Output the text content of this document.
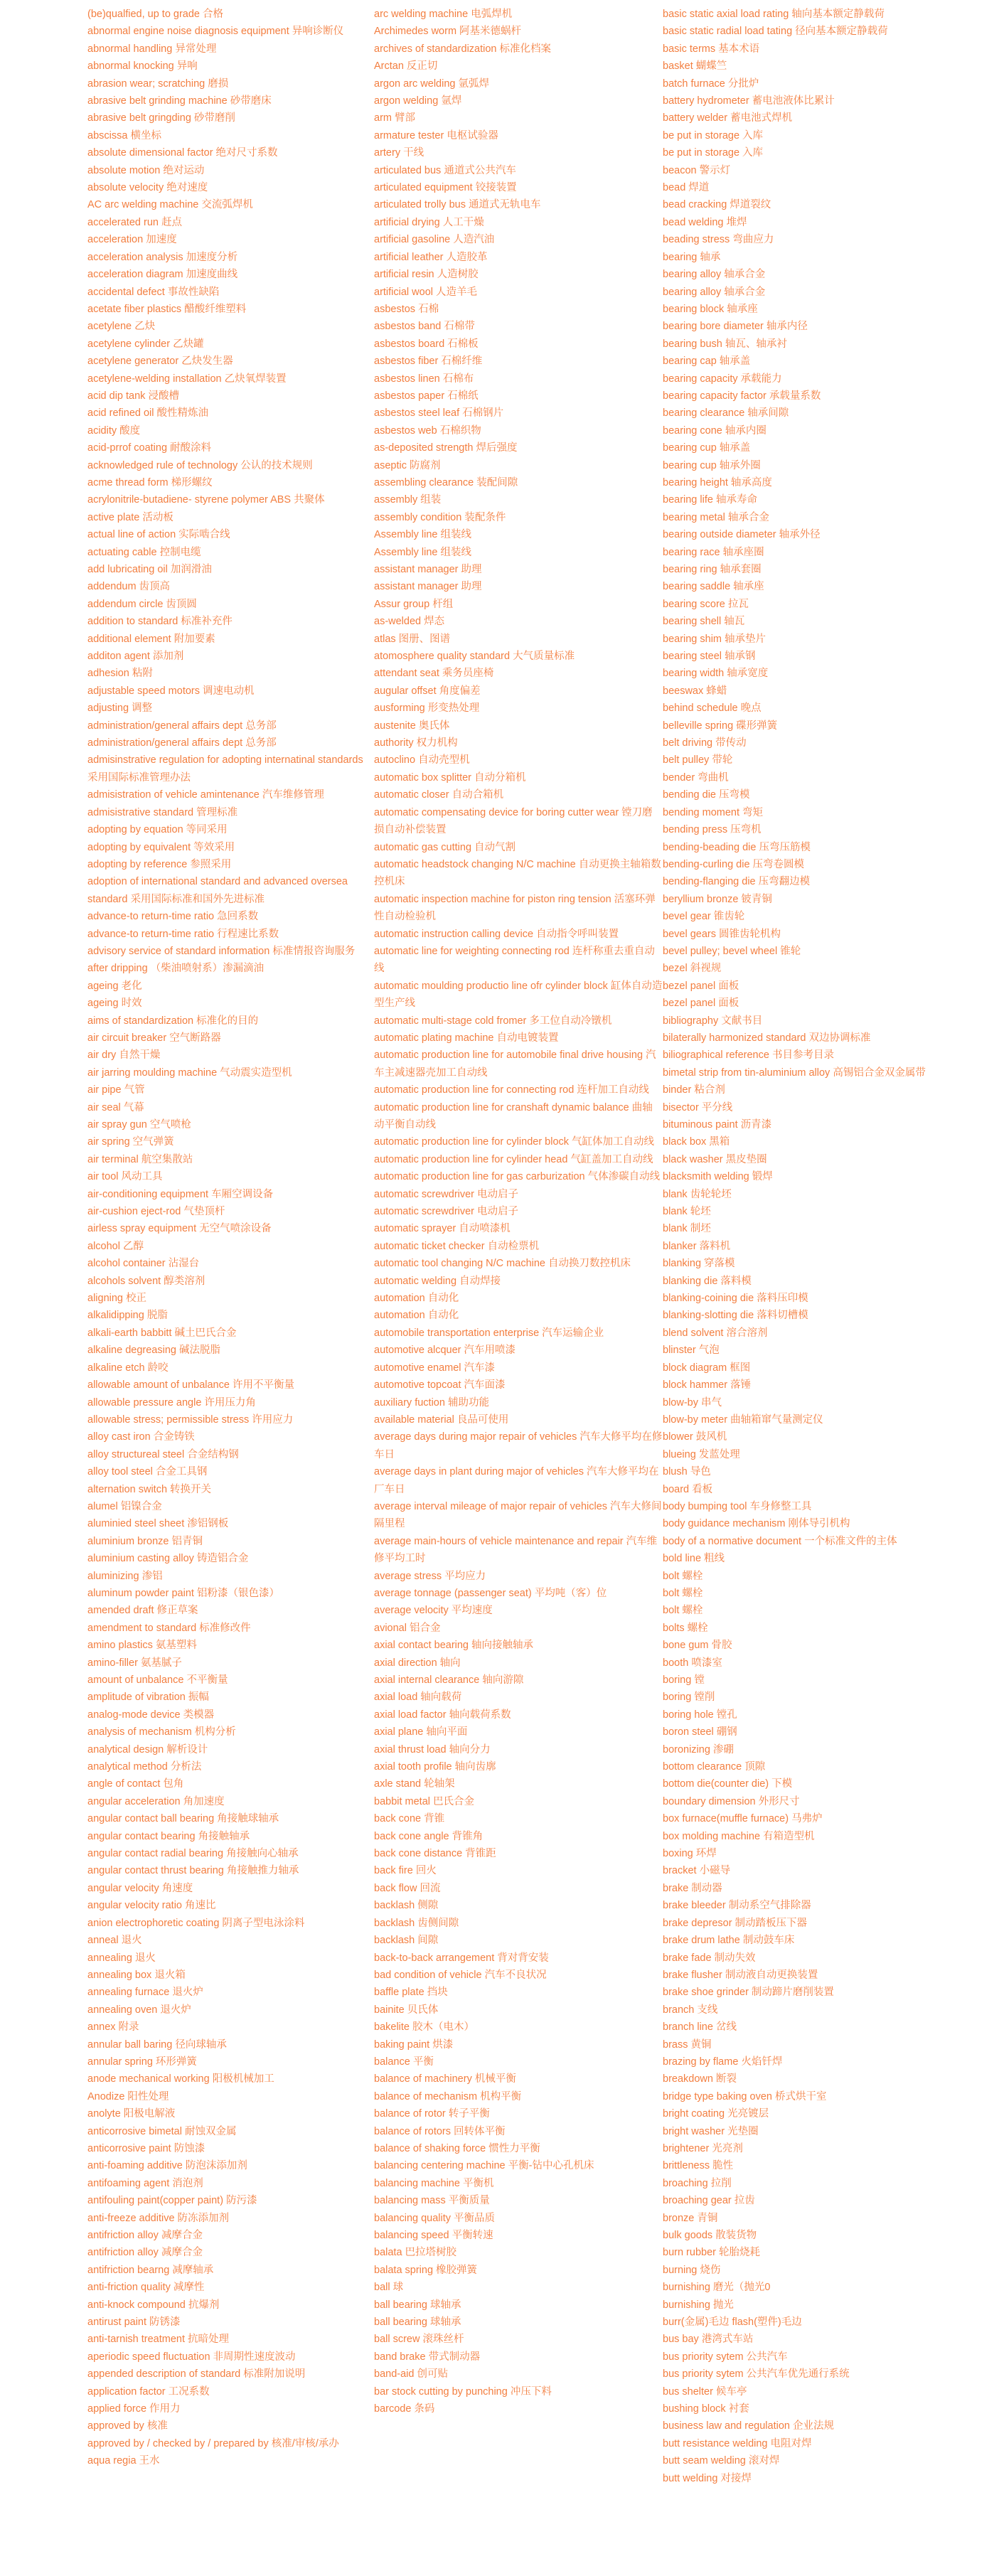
(be)qualfied, up to grade 合格
abnormal engine noise diagnosis equipment 异响诊断仪
abnormal handling 异常处理
abnormal knocking 异响
abrasion wear; scratching 磨损
abrasive belt grinding machine 砂带磨床
abrasive belt gringding 砂带磨削
abscissa 横坐标
absolute dimensional factor 绝对尺寸系数
absolute motion 绝对运动
absolute velocity 绝对速度
AC arc welding machine 交流弧焊机
accelerated run 赶点
acceleration 加速度
acceleration analysis 加速度分析
acceleration diagram 加速度曲线
accidental defect 事故性缺陷
acetate fiber plastics 醋酸纤维塑料
acetylene 乙炔
acetylene cylinder 乙炔罐
acetylene generator 乙炔发生器
acetylene-welding installation 乙炔氧焊装置
acid dip tank 浸酸槽
acid refined oil 酸性精炼油
acidity 酸度
acid-prrof coating 耐酸涂料
acknowledged rule of technology 公认的技术规则
acme thread form 梯形螺纹
acrylonitrile-butadiene- styrene polymer ABS 共聚体
active plate 活动板
actual line of action 实际啮合线
actuating cable 控制电缆
add lubricating oil 加润滑油
addendum 齿顶高
addendum circle 齿顶圆
addition to standard 标准补充件
additional element 附加要素
additon agent 添加剂
adhesion 粘附
adjustable speed motors 调速电动机
adjusting 调整
administration/general affairs dept 总务部
administration/general affairs dept 总务部
admisinstrative regulation for adopting internatinal standards 采用国际标准管理办法
admisistration of vehicle amintenance 汽车维修管理
admisistrative standard 管理标准
adopting by equation 等同采用
adopting by equivalent 等效采用
adopting by reference 参照采用
adoption of international standard and advanced oversea standard 采用国际标准和国外先进标准
advance-to return-time ratio 急回系数
advance-to return-time ratio 行程速比系数
advisory service of standard information 标准情报咨询服务
after dripping （柴油喷射系）渗漏滴油
ageing 老化
ageing 时效
aims of standardization 标准化的目的
air circuit breaker 空气断路器
air dry 自然干燥
air jarring moulding machine 气动震实造型机
air pipe 气管
air seal 气幕
air spray gun 空气喷枪
air spring 空气弹簧
air terminal 航空集散站
air tool 风动工具
air-conditioning equipment 车厢空调设备
air-cushion eject-rod 气垫顶杆
airless spray equipment 无空气喷涂设备
alcohol 乙醇
alcohol container 沾湿台
alcohols solvent 醇类溶剂
aligning 校正
alkalidipping 脱脂
alkali-earth babbitt 碱土巴氏合金
alkaline degreasing 碱法脱脂
alkaline etch 龄咬
allowable amount of unbalance 许用不平衡量
allowable pressure angle 许用压力角
allowable stress; permissible stress 许用应力
alloy cast iron 合金铸铁
alloy structureal steel 合金结构钢
alloy tool steel 合金工具钢
alternation switch 转换开关
alumel 铝镍合金
aluminied steel sheet 渗铝钢板
aluminium bronze 铝青铜
aluminium casting alloy 铸造铝合金
aluminizing 渗铝
aluminum powder paint 铝粉漆（银色漆）
amended draft 修正草案
amendment to standard 标准修改件
amino plastics 氨基塑料
amino-filler 氨基腻子
amount of unbalance 不平衡量
amplitude of vibration 振幅
analog-mode device 类模器
analysis of mechanism 机构分析
analytical design 解析设计
analytical method 分析法
angle of contact 包角
angular acceleration 角加速度
angular contact ball bearing 角接触球轴承
angular contact bearing 角接触轴承
angular contact radial bearing 角接触向心轴承
angular contact thrust bearing 角接触推力轴承
angular velocity 角速度
angular velocity ratio 角速比
anion electrophoretic coating 阴离子型电泳涂料
anneal 退火
annealing 退火
annealing box 退火箱
annealing furnace 退火炉
annealing oven 退火炉
annex 附录
annular ball baring 径向球轴承
annular spring 环形弹簧
anode mechanical working 阳极机械加工
Anodize 阳性处理
anolyte 阳极电解液
anticorrosive bimetal 耐蚀双金属
anticorrosive paint 防蚀漆
anti-foaming additive 防泡沫添加剂
antifoaming agent 消泡剂
antifouling paint(copper paint) 防污漆
anti-freeze additive 防冻添加剂
antifriction alloy 减摩合金
antifriction alloy 减摩合金
antifriction bearng 减摩轴承
anti-friction quality 减摩性
anti-knock compound 抗爆剂
antirust paint 防锈漆
anti-tarnish treatment 抗暗处理
aperiodic speed fluctuation 非周期性速度波动
appended description of standard 标准附加说明
application factor 工况系数
applied force 作用力
approved by 核准
approved by / checked by / prepared by 核准/审核/承办
aqua regia 王水
arc welding machine 电弧焊机
Archimedes worm 阿基米德蜗杆
archives of standardization 标准化档案
Arctan 反正切
argon arc welding 氩弧焊
argon welding 氩焊
arm 臂部
armature tester 电枢试验器
artery 干线
articulated bus 通道式公共汽车
articulated equipment 铰接装置
articulated trolly bus 通道式无轨电车
artificial drying 人工干燥
artificial gasoline 人造汽油
artificial leather 人造胶革
artificial resin 人造树胶
artificial wool 人造羊毛
asbestos 石棉
asbestos band 石棉带
asbestos board 石棉板
asbestos fiber 石棉纤维
asbestos linen 石棉布
asbestos paper 石棉纸
asbestos steel leaf 石棉钢片
asbestos web 石棉织物
as-deposited strength 焊后强度
aseptic 防腐剂
assembling clearance 装配间隙
assembly 组装
assembly condition 装配条件
Assembly line 组装线
Assembly line 组装线
assistant manager 助理
assistant manager 助理
Assur group 杆组
as-welded 焊态
atlas 图册、图谱
atomosphere quality standard 大气质量标准
attendant seat 乘务员座椅
augular offset 角度偏差
ausforming 形变热处理
austenite 奥氏体
authority 权力机构
autoclino 自动壳型机
automatic box splitter 自动分箱机
automatic closer 自动合箱机
automatic compensating device for boring cutter wear 镗刀磨损自动补偿装置
automatic gas cutting 自动气割
automatic headstock changing N/C machine 自动更换主轴箱数控机床
automatic inspection machine for piston ring tension 活塞环弹性自动检验机
automatic instruction calling device 自动指令呼叫装置
automatic line for weighting connecting rod 连杆称重去重自动线
automatic moulding productio line ofr cylinder block 缸体自动造型生产线
automatic multi-stage cold fromer 多工位自动冷镦机
automatic plating machine 自动电镀装置
automatic production line for automobile final drive housing 汽车主减速器壳加工自动线
automatic production line for connecting rod 连杆加工自动线
automatic production line for cranshaft dynamic balance 曲轴动平衡自动线
automatic production line for cylinder block 气缸体加工自动线
automatic production line for cylinder head 气缸盖加工自动线
automatic production line for gas carburization 气体渗碳自动线
automatic screwdriver 电动启子
automatic screwdriver 电动启子
automatic sprayer 自动喷漆机
automatic ticket checker 自动检票机
automatic tool changing N/C machine 自动换刀数控机床
automatic welding 自动焊接
automation 自动化
automation 自动化
automobile transportation enterprise 汽车运输企业
automotive alcquer 汽车用喷漆
automotive enamel 汽车漆
automotive topcoat 汽车面漆
auxiliary fuction 辅助功能
available material 良品可使用
average days during major repair of vehicles 汽车大修平均在修车日
average days in plant during major of vehicles 汽车大修平均在厂车日
average interval mileage of major repair of vehicles 汽车大修间隔里程
average main-hours of vehicle maintenance and repair 汽车维修平均工时
average stress 平均应力
average tonnage (passenger seat) 平均吨（客）位
average velocity 平均速度
avional 铝合金
axial contact bearing 轴向接触轴承
axial direction 轴向
axial internal clearance 轴向游隙
axial load 轴向载荷
axial load factor 轴向载荷系数
axial plane 轴向平面
axial thrust load 轴向分力
axial tooth profile 轴向齿廓
axle stand 轮轴架
babbit metal 巴氏合金
back cone 背锥
back cone angle 背锥角
back cone distance 背锥距
back fire 回火
back flow 回流
backlash 侧隙
backlash 齿侧间隙
backlash 间隙
back-to-back arrangement 背对背安装
bad condition of vehicle 汽车不良状况
baffle plate 挡块
bainite 贝氏体
bakelite 胶木（电木）
baking paint 烘漆
balance 平衡
balance of machinery 机械平衡
balance of mechanism 机构平衡
balance of rotor 转子平衡
balance of rotors 回转体平衡
balance of shaking force 惯性力平衡
balancing centering machine 平衡-钻中心孔机床
balancing machine 平衡机
balancing mass 平衡质量
balancing quality 平衡品质
balancing speed 平衡转速
balata 巴拉塔树胶
balata spring 橡胶弹簧
ball 球
ball bearing 球轴承
ball bearing 球轴承
ball screw 滚珠丝杆
band brake 带式制动器
band-aid 创可贴
bar stock cutting by punching 冲压下料
barcode 条码
basic static axial load rating 轴向基本额定静载荷
basic static radial load tating 径向基本额定静载荷
basic terms 基本术语
basket 蝴蝶竺
batch furnace 分批炉
battery hydrometer 蓄电池液体比累计
battery welder 蓄电池式焊机
be put in storage 入库
be put in storage 入库
beacon 警示灯
bead 焊道
bead cracking 焊道裂纹
bead welding 堆焊
beading stress 弯曲应力
bearing 轴承
bearing alloy 轴承合金
bearing alloy 轴承合金
bearing block 轴承座
bearing bore diameter 轴承内径
bearing bush 轴瓦、轴承衬
bearing cap 轴承盖
bearing capacity 承载能力
bearing capacity factor 承载量系数
bearing clearance 轴承间隙
bearing cone 轴承内圈
bearing cup 轴承盖
bearing cup 轴承外圈
bearing height 轴承高度
bearing life 轴承寿命
bearing metal 轴承合金
bearing outside diameter 轴承外径
bearing race 轴承座圈
bearing ring 轴承套圈
bearing saddle 轴承座
bearing score 拉瓦
bearing shell 轴瓦
bearing shim 轴承垫片
bearing steel 轴承钢
bearing width 轴承宽度
beeswax 蜂蜡
behind schedule 晚点
belleville spring 碟形弹簧
belt driving 带传动
belt pulley 带轮
bender 弯曲机
bending die 压弯模
bending moment 弯矩
bending press 压弯机
bending-beading die 压弯压筋模
bending-curling die 压弯卷圆模
bending-flanging die 压弯翻边模
beryllium bronze 铍青铜
bevel gear 锥齿轮
bevel gears 圆锥齿轮机构
bevel pulley; bevel wheel 锥轮
bezel 斜视规
bezel panel 面板
bezel panel 面板
bibliography 文献书目
bilaterally harmonized standard 双边协调标准
biliographical reference 书目参考目录
bimetal strip from tin-aluminium alloy 高锡铝合金双金属带
binder 粘合剂
bisector 平分线
bituminous paint 沥青漆
black box 黑箱
black washer 黑皮垫圈
blacksmith welding 锻焊
blank 齿轮轮坯
blank 轮坯
blank 制坯
blanker 落料机
blanking 穿落模
blanking die 落料模
blanking-coining die 落料压印模
blanking-slotting die 落料切槽模
blend solvent 溶合溶剂
blinster 气泡
block diagram 框图
block hammer 落锤
blow-by 串气
blow-by meter 曲轴箱窜气量测定仪
blower 鼓风机
blueing 发蓝处理
blush 导色
board 看板
body bumping tool 车身修整工具
body guidance mechanism 刚体导引机构
body of a normative document 一个标准文件的主体
bold line 粗线
bolt 螺栓
bolt 螺栓
bolt 螺栓
bolts 螺栓
bone gum 骨胶
booth 喷漆室
boring 镗
boring 镗削
boring hole 镗孔
boron steel 硼钢
boronizing 渗硼
bottom clearance 顶隙
bottom die(counter die) 下模
boundary dimension 外形尺寸
box furnace(muffle furnace) 马弗炉
box molding machine 有箱造型机
boxing 环焊
bracket 小磁导
brake 制动器
brake bleeder 制动系空气排除器
brake depresor 制动踏板压下器
brake drum lathe 制动鼓车床
brake fade 制动失效
brake flusher 制动液自动更换装置
brake shoe grinder 制动蹄片磨削装置
branch 支线
branch line 岔线
brass 黄铜
brazing by flame 火焰钎焊
breakdown 断裂
bridge type baking oven 桥式烘干室
bright coating 光亮镀层
bright washer 光垫圈
brightener 光亮剂
brittleness 脆性
broaching 拉削
broaching gear 拉齿
bronze 青铜
bulk goods 散装货物
burn rubber 轮胎烧耗
burning 烧伤
burnishing 磨光（抛光0
burnishing 抛光
burr(金属)毛边 flash(塑件)毛边
bus bay 港湾式车站
bus priority sytem 公共汽车
bus priority sytem 公共汽车优先通行系统
bus shelter 候车亭
bushing block 衬套
business law and regulation 企业法规
butt resistance welding 电阻对焊
butt seam welding 滚对焊
butt welding 对接焊
